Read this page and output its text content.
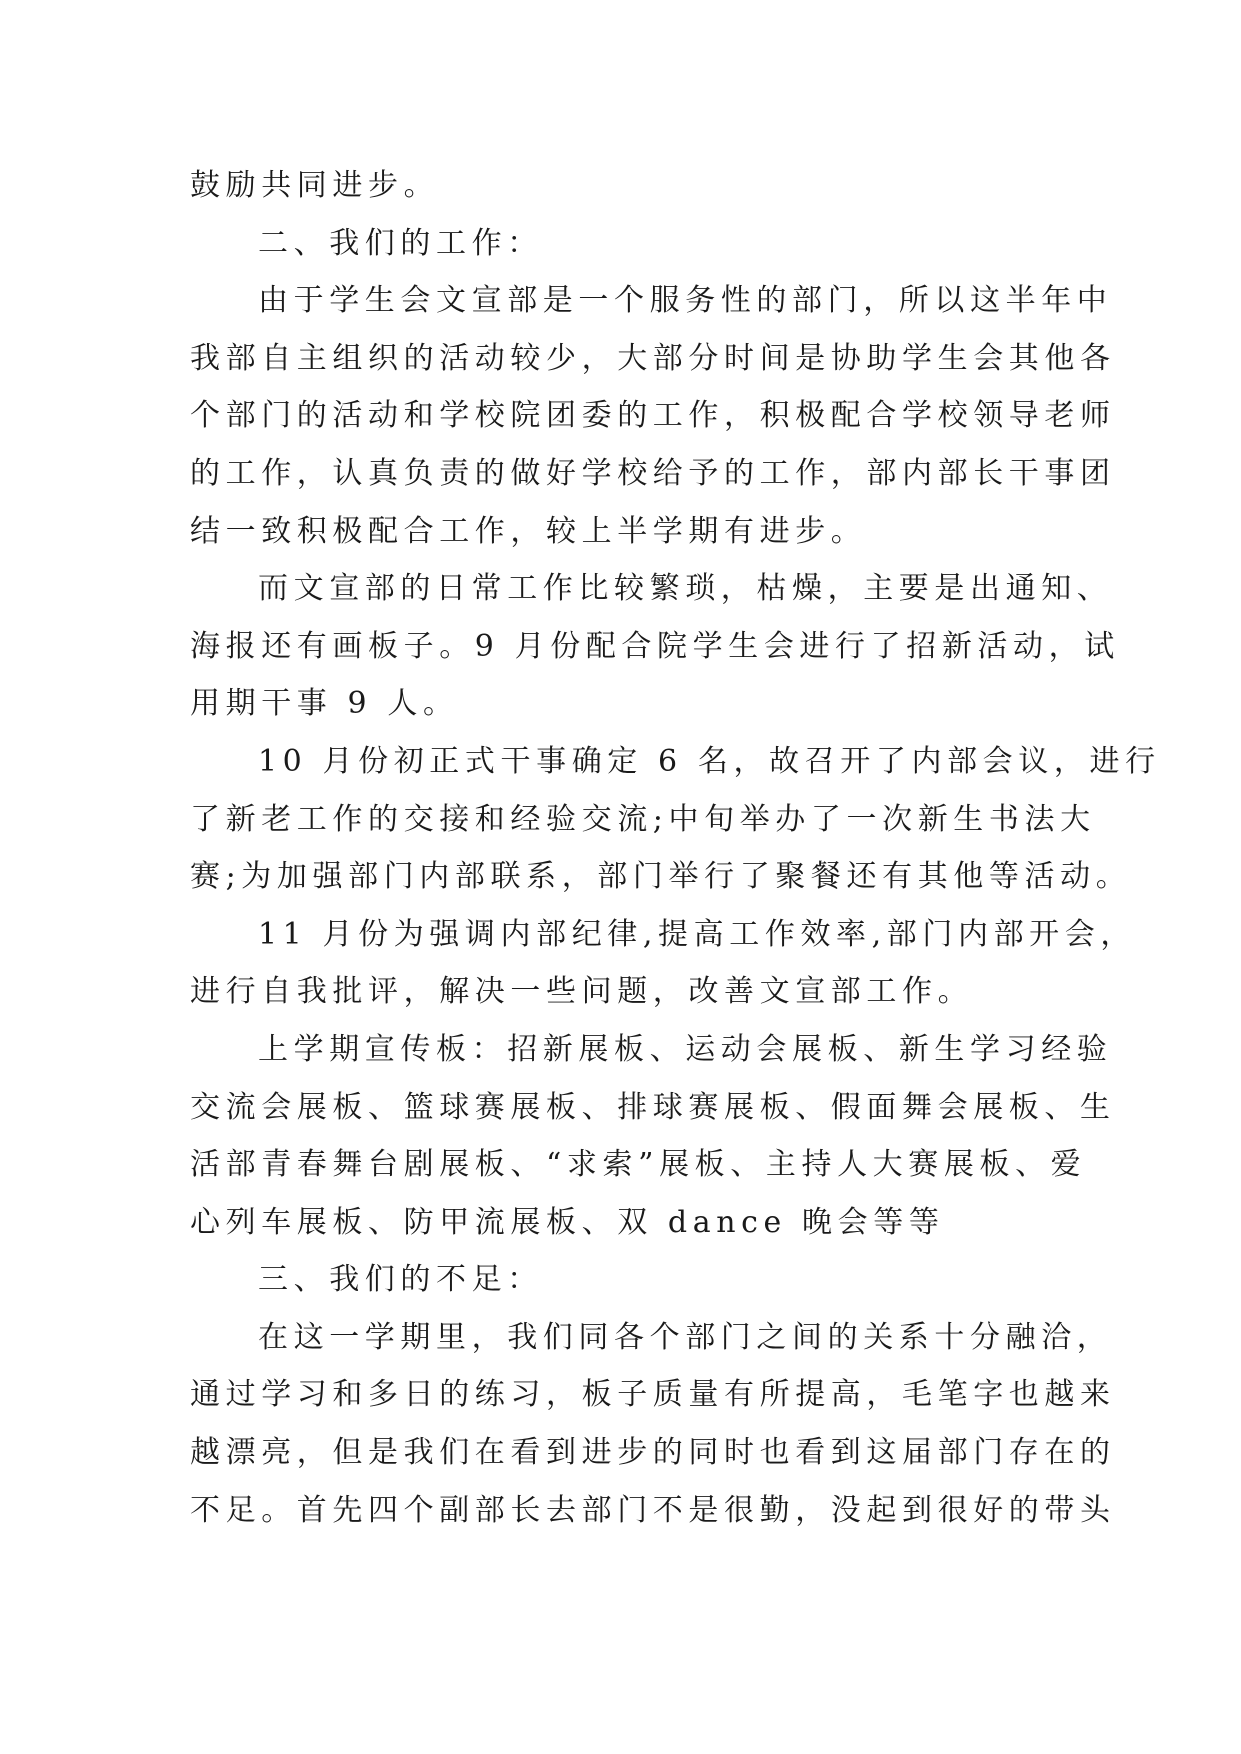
鼓励共同进步。
二、我们的工作：
由于学生会文宣部是一个服务性的部门，所以这半年中
我部自主组织的活动较少，大部分时间是协助学生会其他各
个部门的活动和学校院团委的工作，积极配合学校领导老师
的工作，认真负责的做好学校给予的工作，部内部长干事团
结一致积极配合工作，较上半学期有进步。
而文宣部的日常工作比较繁琐，枯燥，主要是出通知、
海报还有画板子。9 月份配合院学生会进行了招新活动，试
用期干事 9 人。
10 月份初正式干事确定 6 名，故召开了内部会议，进行
了新老工作的交接和经验交流;中旬举办了一次新生书法大
赛;为加强部门内部联系，部门举行了聚餐还有其他等活动。
11 月份为强调内部纪律,提高工作效率,部门内部开会，
进行自我批评，解决一些问题，改善文宣部工作。
上学期宣传板：招新展板、运动会展板、新生学习经验
交流会展板、篮球赛展板、排球赛展板、假面舞会展板、生
活部青春舞台剧展板、“求索”展板、主持人大赛展板、爱
心列车展板、防甲流展板、双 dance 晚会等等
三、我们的不足：
在这一学期里，我们同各个部门之间的关系十分融洽，
通过学习和多日的练习，板子质量有所提高，毛笔字也越来
越漂亮，但是我们在看到进步的同时也看到这届部门存在的
不足。首先四个副部长去部门不是很勤，没起到很好的带头
